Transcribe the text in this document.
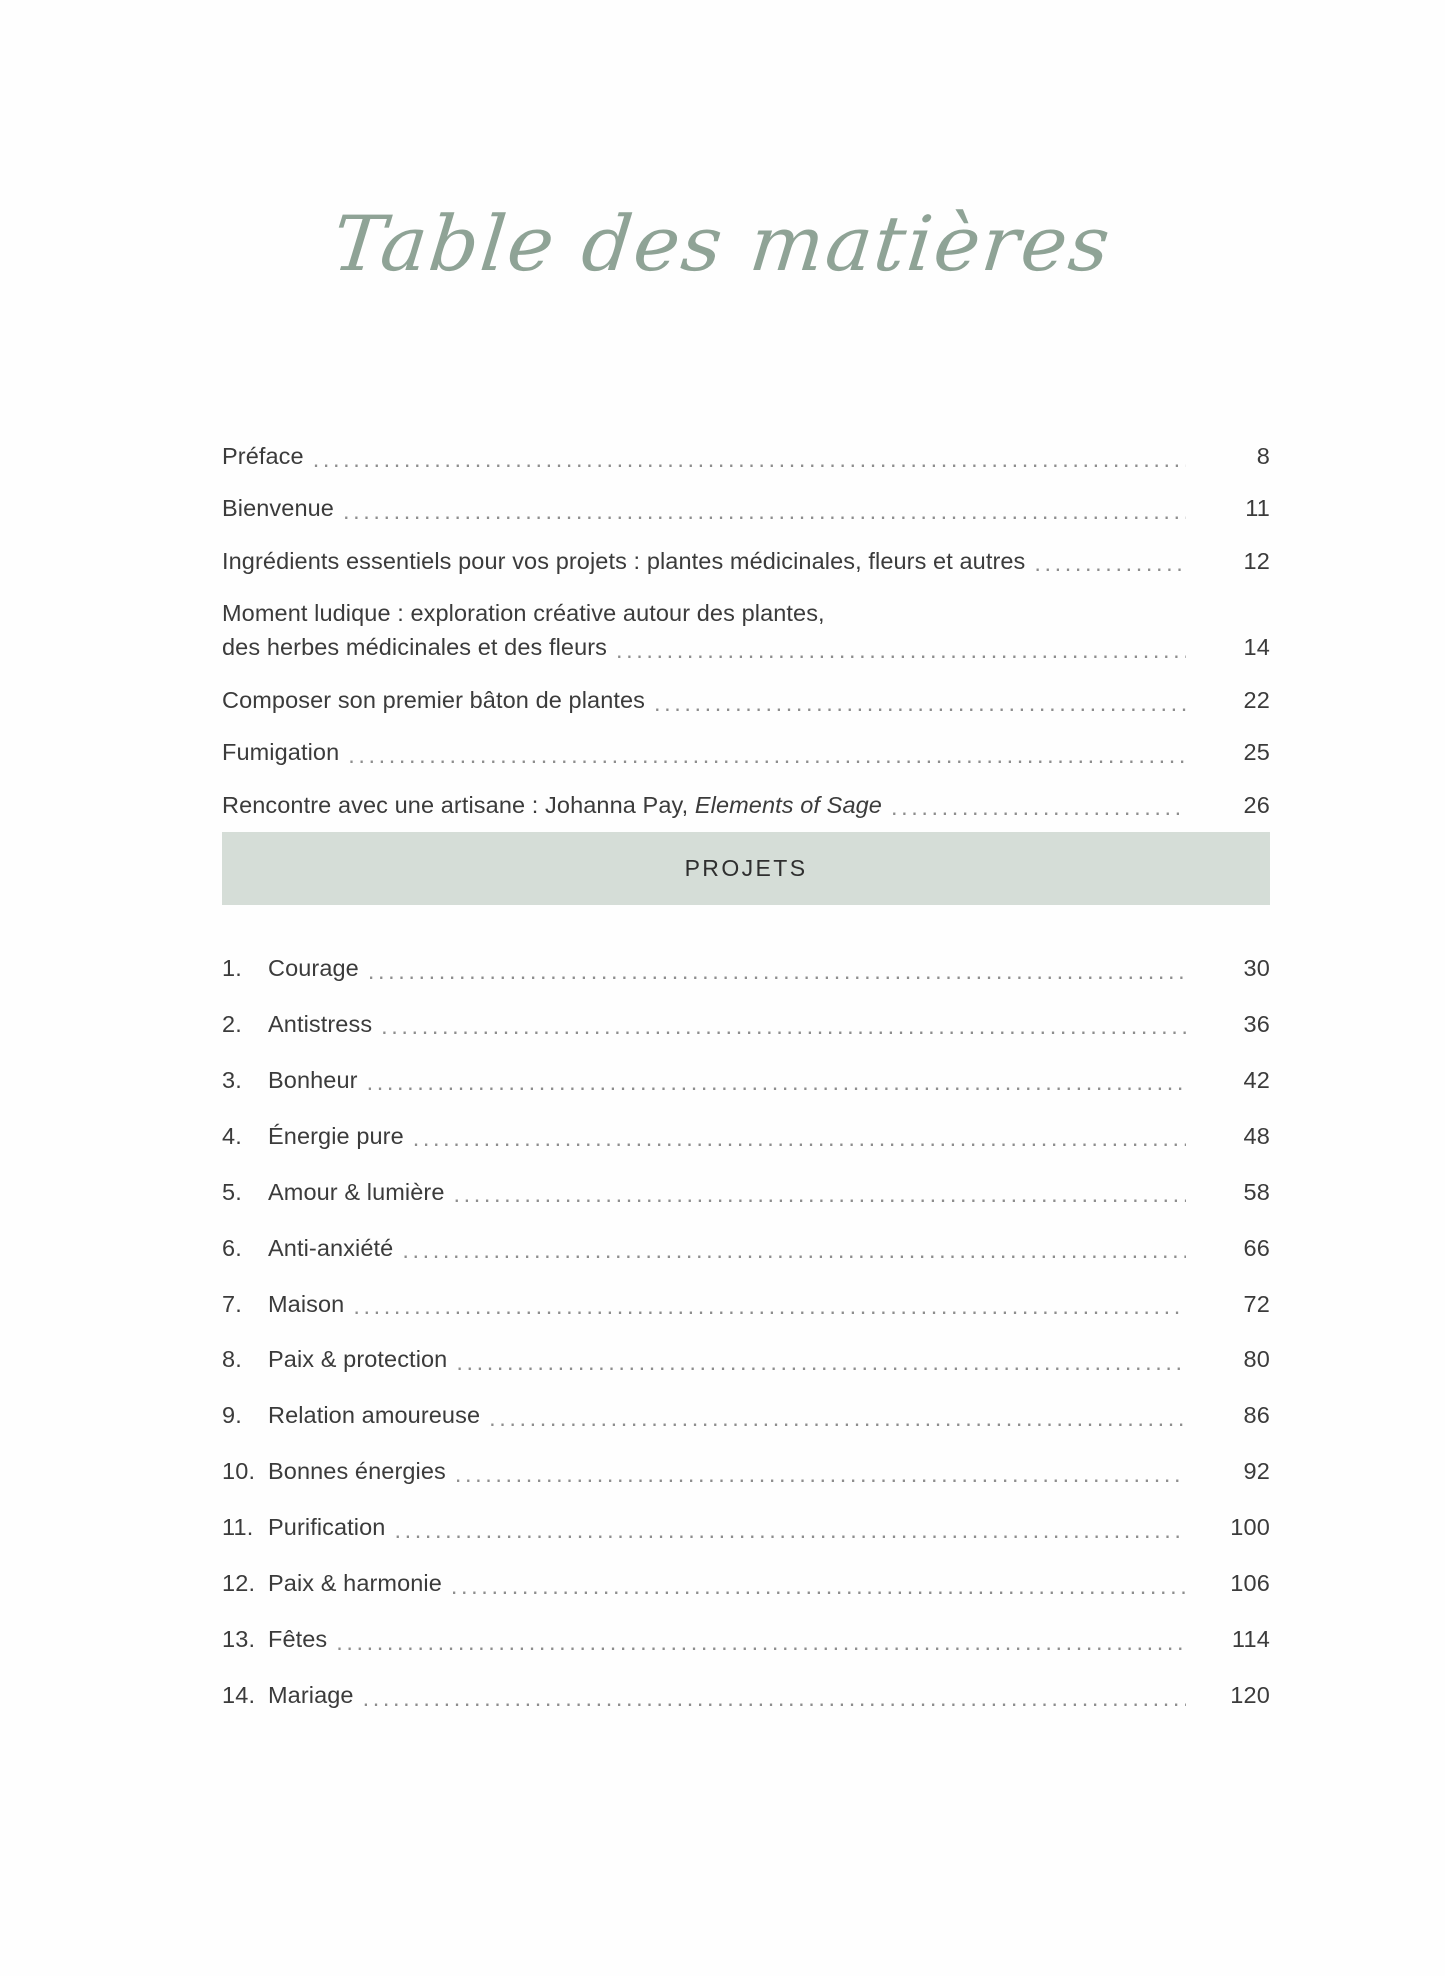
Table des matières
Préface .....	8
Bienvenue .....	11
Ingrédients essentiels pour vos projets : plantes médicinales, fleurs et autres .....	12
Moment ludique : exploration créative autour des plantes,
des herbes médicinales et des fleurs .....	14
Composer son premier bâton de plantes .....	22
Fumigation .....	25
Rencontre avec une artisane : Johanna Pay, Elements of Sage .....	26
PROJETS
1.	Courage .....	30
2.	Antistress .....	36
3.	Bonheur .....	42
4.	Énergie pure .....	48
5.	Amour & lumière .....	58
6.	Anti-anxiété .....	66
7.	Maison .....	72
8.	Paix & protection .....	80
9.	Relation amoureuse .....	86
10. Bonnes énergies .....	92
11. Purification .....	100
12. Paix & harmonie .....	106
13. Fêtes .....	114
14. Mariage .....	120
